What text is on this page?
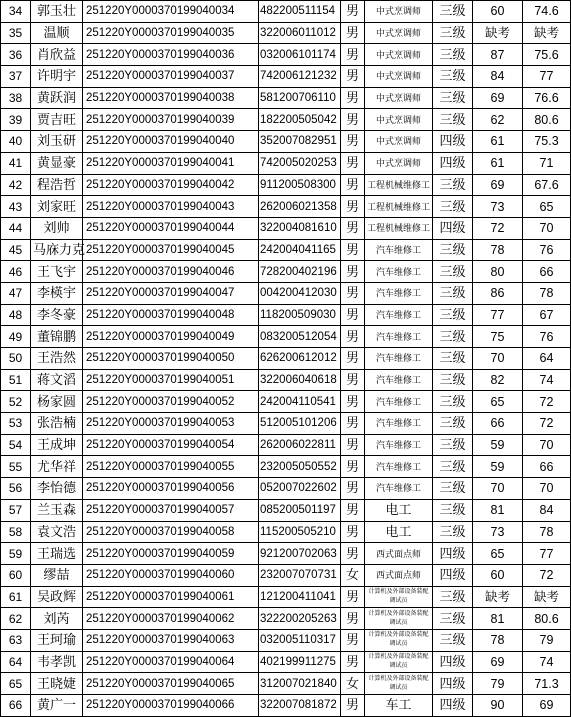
34	郭玉壮	251220Y0000370199040034	482200511154	男	中式烹调师	三级	60	74.6
35	温顺	251220Y0000370199040035	322006011012	男	中式烹调师	三级	缺考	缺考
36	肖欣益	251220Y0000370199040036	032006101174	男	中式烹调师	三级	87	75.6
37	许明宇	251220Y0000370199040037	742006121232	男	中式烹调师	三级	84	77
38	黄跃润	251220Y0000370199040038	581200706110	男	中式烹调师	三级	69	76.6
39	贾吉旺	251220Y0000370199040039	182200505042	男	中式烹调师	三级	62	80.6
40	刘玉研	251220Y0000370199040040	352007082951	男	中式烹调师	四级	61	75.3
41	黄显豪	251220Y0000370199040041	742005020253	男	中式烹调师	四级	61	71
42	程浩哲	251220Y0000370199040042	911200508300	男	工程机械维修工	三级	69	67.6
43	刘家旺	251220Y0000370199040043	262006021358	男	工程机械维修工	三级	73	65
44	刘帅	251220Y0000370199040044	322004081610	男	工程机械维修工	四级	72	70
45	马庥力克	251220Y0000370199040045	242004041165	男	汽车维修工	三级	78	76
46	王飞宇	251220Y0000370199040046	728200402196	男	汽车维修工	三级	80	66
47	李楧宇	251220Y0000370199040047	004200412030	男	汽车维修工	三级	86	78
48	李冬豪	251220Y0000370199040048	118200509030	男	汽车维修工	三级	77	67
49	董锦鹏	251220Y0000370199040049	083200512054	男	汽车维修工	三级	75	76
50	王浩然	251220Y0000370199040050	626200612012	男	汽车维修工	三级	70	64
51	蒋文滔	251220Y0000370199040051	322006040618	男	汽车维修工	三级	82	74
52	杨家圆	251220Y0000370199040052	242004110541	男	汽车维修工	三级	65	72
53	张浩楠	251220Y0000370199040053	512005101206	男	汽车维修工	三级	66	72
54	王成坤	251220Y0000370199040054	262006022811	男	汽车维修工	三级	59	70
55	尤华祥	251220Y0000370199040055	232005050552	男	汽车维修工	三级	59	66
56	李怡德	251220Y0000370199040056	052007022602	男	汽车维修工	三级	70	70
57	兰玉森	251220Y0000370199040057	085200501197	男	电工	三级	81	84
58	袁文浩	251220Y0000370199040058	115200505210	男	电工	三级	73	78
59	王瑞选	251220Y0000370199040059	921200702063	男	西式面点师	四级	65	77
60	缪喆	251220Y0000370199040060	232007070731	女	西式面点师	四级	60	72
61	吴政辉	251220Y0000370199040061	121200411041	男	计算机及外部设备装配调试员	三级	缺考	缺考
62	刘芮	251220Y0000370199040062	322200205263	男	计算机及外部设备装配调试员	三级	81	80.6
63	王珂瑜	251220Y0000370199040063	032005110317	男	计算机及外部设备装配调试员	三级	78	79
64	韦孝凯	251220Y0000370199040064	402199911275	男	计算机及外部设备装配调试员	四级	69	74
65	王晓婕	251220Y0000370199040065	312007021840	女	计算机及外部设备装配调试员	四级	79	71.3
66	黄广一	251220Y0000370199040066	322007081872	男	车工	四级	90	69
